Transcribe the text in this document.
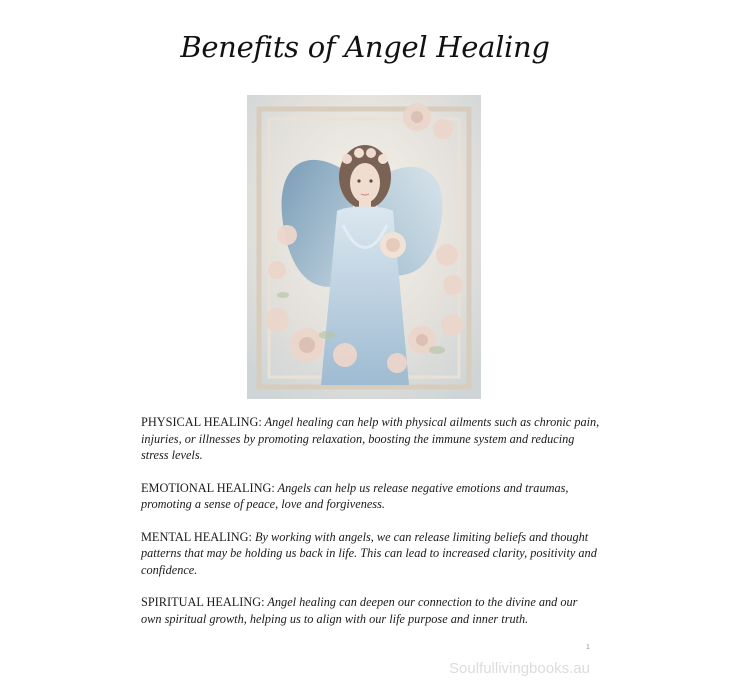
Benefits of Angel Healing

PHYSICAL HEALING: Angel healing can help with physical ailments such as chronic pain, injuries, or illnesses by promoting relaxation, boosting the immune system and reducing stress levels.

EMOTIONAL HEALING: Angels can help us release negative emotions and traumas, promoting a sense of peace, love and forgiveness.

MENTAL HEALING: By working with angels, we can release limiting beliefs and thought patterns that may be holding us back in life. This can lead to increased clarity, positivity and confidence.

SPIRITUAL HEALING: Angel healing can deepen our connection to the divine and our own spiritual growth, helping us to align with our life purpose and inner truth.

1
Soulfullivingbooks.au
